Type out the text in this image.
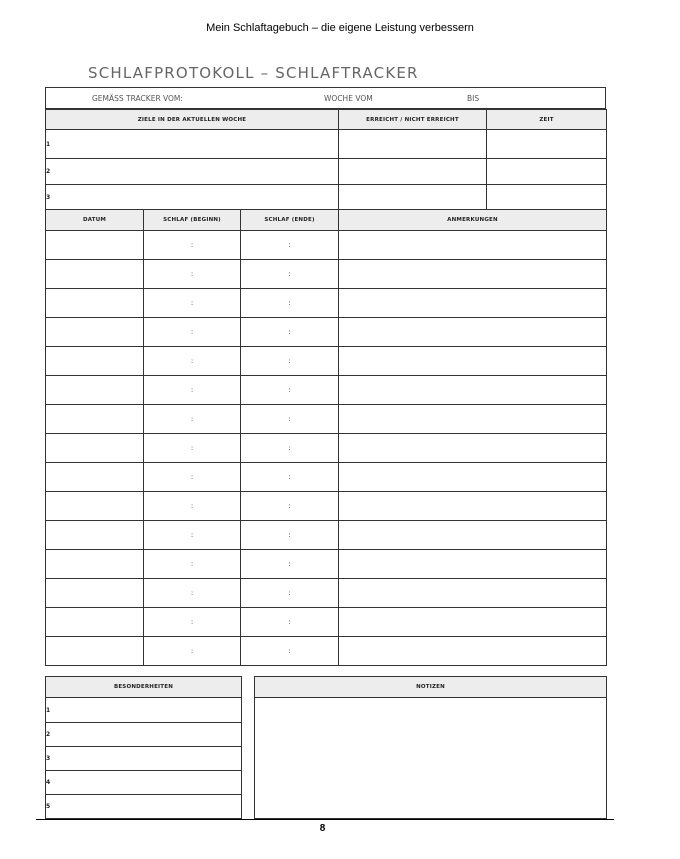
Mein Schlaftagebuch – die eigene Leistung verbessern
SCHLAFPROTOKOLL – SCHLAFTRACKER
GEMÄSS TRACKER VOM:	WOCHE VOM	BIS
ZIELE IN DER AKTUELLEN WOCHE	ERREICHT / NICHT ERREICHT	ZEIT
1		
2		
3		
DATUM	SCHLAF (BEGINN)	SCHLAF (ENDE)	ANMERKUNGEN
	:	:	
	:	:	
	:	:	
	:	:	
	:	:	
	:	:	
	:	:	
	:	:	
	:	:	
	:	:	
	:	:	
	:	:	
	:	:	
	:	:	
	:	:	
BESONDERHEITEN
1
2
3
4
5
NOTIZEN

8
